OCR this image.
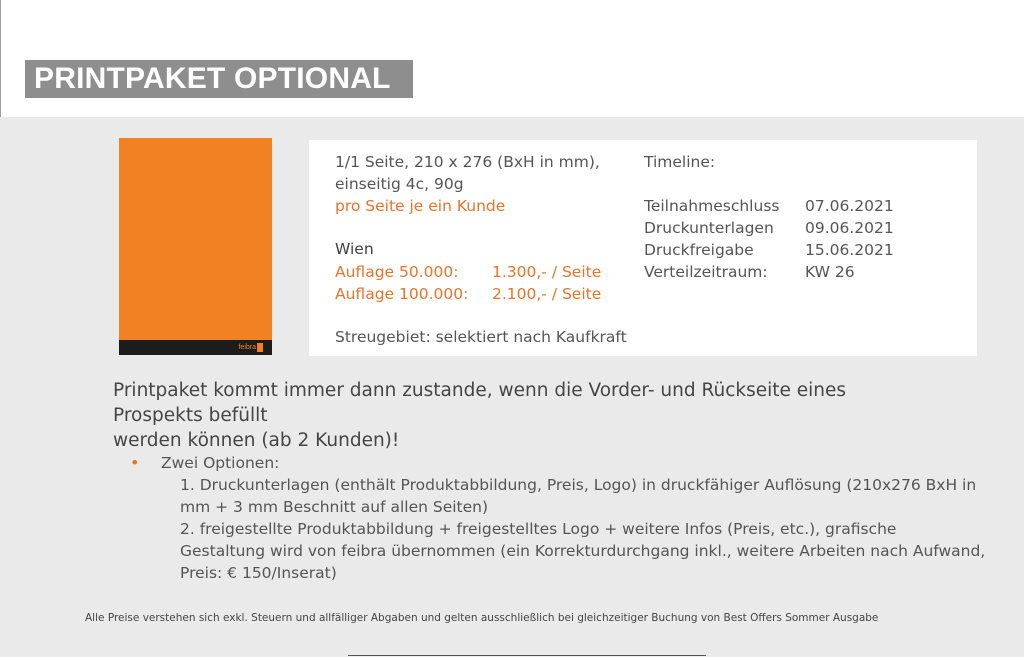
PRINTPAKET OPTIONAL
feibra
1/1 Seite, 210 x 276 (BxH in mm),
einseitig 4c, 90g
pro Seite je ein Kunde
Wien
Auflage 50.000: 1.300,- / Seite
Auflage 100.000: 2.100,- / Seite
Streugebiet: selektiert nach Kaufkraft
Timeline:
Teilnahmeschluss 07.06.2021
Druckunterlagen 09.06.2021
Druckfreigabe	15.06.2021
Verteilzeitraum: KW 26
Printpaket kommt immer dann zustande, wenn die Vorder- und Rückseite eines Prospekts befüllt
werden können (ab 2 Kunden)!
• Zwei Optionen:
1. Druckunterlagen (enthält Produktabbildung, Preis, Logo) in druckfähiger Auflösung (210x276 BxH in
mm + 3 mm Beschnitt auf allen Seiten)
2. freigestellte Produktabbildung + freigestelltes Logo + weitere Infos (Preis, etc.), grafische
Gestaltung wird von feibra übernommen (ein Korrekturdurchgang inkl., weitere Arbeiten nach Aufwand,
Preis: € 150/Inserat)
Alle Preise verstehen sich exkl. Steuern und allfälliger Abgaben und gelten ausschließlich bei gleichzeitiger Buchung von Best Offers Sommer Ausgabe
